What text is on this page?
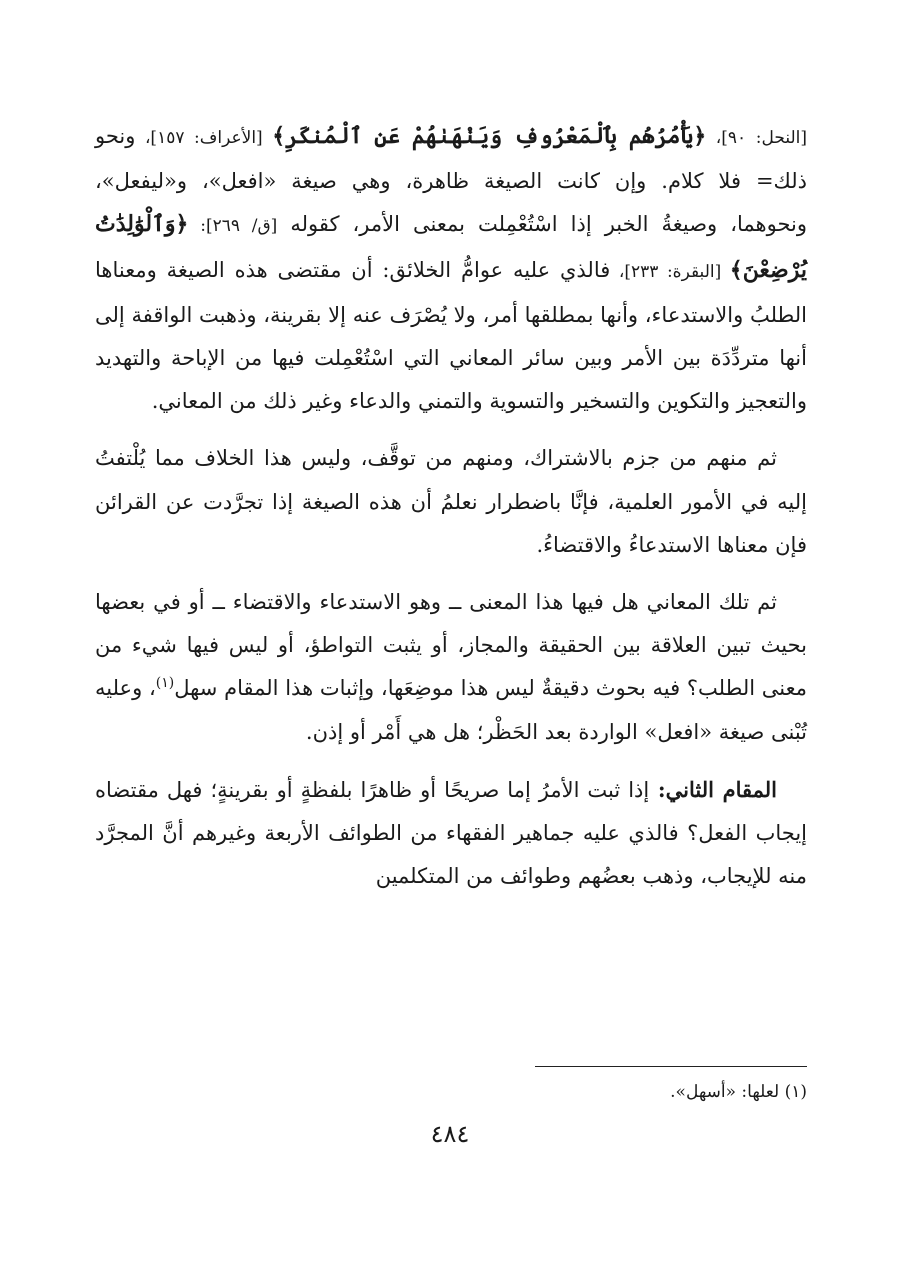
[النحل: ٩٠]، ﴿يَأْمُرُهُم بِٱلْمَعْرُوفِ وَيَنْهَىٰهُمْ عَنِ ٱلْمُنكَرِ﴾ [الأعراف: ١٥٧]، ونحو ذلك= فلا كلام. وإن كانت الصيغة ظاهرة، وهي صيغة «افعل»، و«ليفعل»، ونحوهما، وصيغةُ الخبر إذا اسْتُعْمِلت بمعنى الأمر، كقوله [ق/ ٢٦٩]: ﴿وَٱلْوَٰلِدَٰتُ يُرْضِعْنَ﴾ [البقرة: ٢٣٣]، فالذي عليه عوامُّ الخلائق: أن مقتضى هذه الصيغة ومعناها الطلبُ والاستدعاء، وأنها بمطلقها أمر، ولا يُصْرَف عنه إلا بقرينة، وذهبت الواقفة إلى أنها متردِّدَة بين الأمر وبين سائر المعاني التي اسْتُعْمِلت فيها من الإباحة والتهديد والتعجيز والتكوين والتسخير والتسوية والتمني والدعاء وغير ذلك من المعاني.

ثم منهم من جزم بالاشتراك، ومنهم من توقَّف، وليس هذا الخلاف مما يُلْتفتُ إليه في الأمور العلمية، فإنَّا باضطرار نعلمُ أن هذه الصيغة إذا تجرَّدت عن القرائن فإن معناها الاستدعاءُ والاقتضاءُ.

ثم تلك المعاني هل فيها هذا المعنى ــ وهو الاستدعاء والاقتضاء ــ أو في بعضها بحيث تبين العلاقة بين الحقيقة والمجاز، أو يثبت التواطؤ، أو ليس فيها شيء من معنى الطلب؟ فيه بحوث دقيقةٌ ليس هذا موضِعَها، وإثبات هذا المقام سهل$^{(١)}$، وعليه تُبْنى صيغة «افعل» الواردة بعد الحَظْر؛ هل هي أَمْر أو إذن.

المقام الثاني: إذا ثبت الأمرُ إما صريحًا أو ظاهرًا بلفظةٍ أو بقرينةٍ؛ فهل مقتضاه إيجاب الفعل؟ فالذي عليه جماهير الفقهاء من الطوائف الأربعة وغيرهم أنَّ المجرَّد منه للإيجاب، وذهب بعضُهم وطوائف من المتكلمين

(١) لعلها: «أسهل».
٤٨٤
